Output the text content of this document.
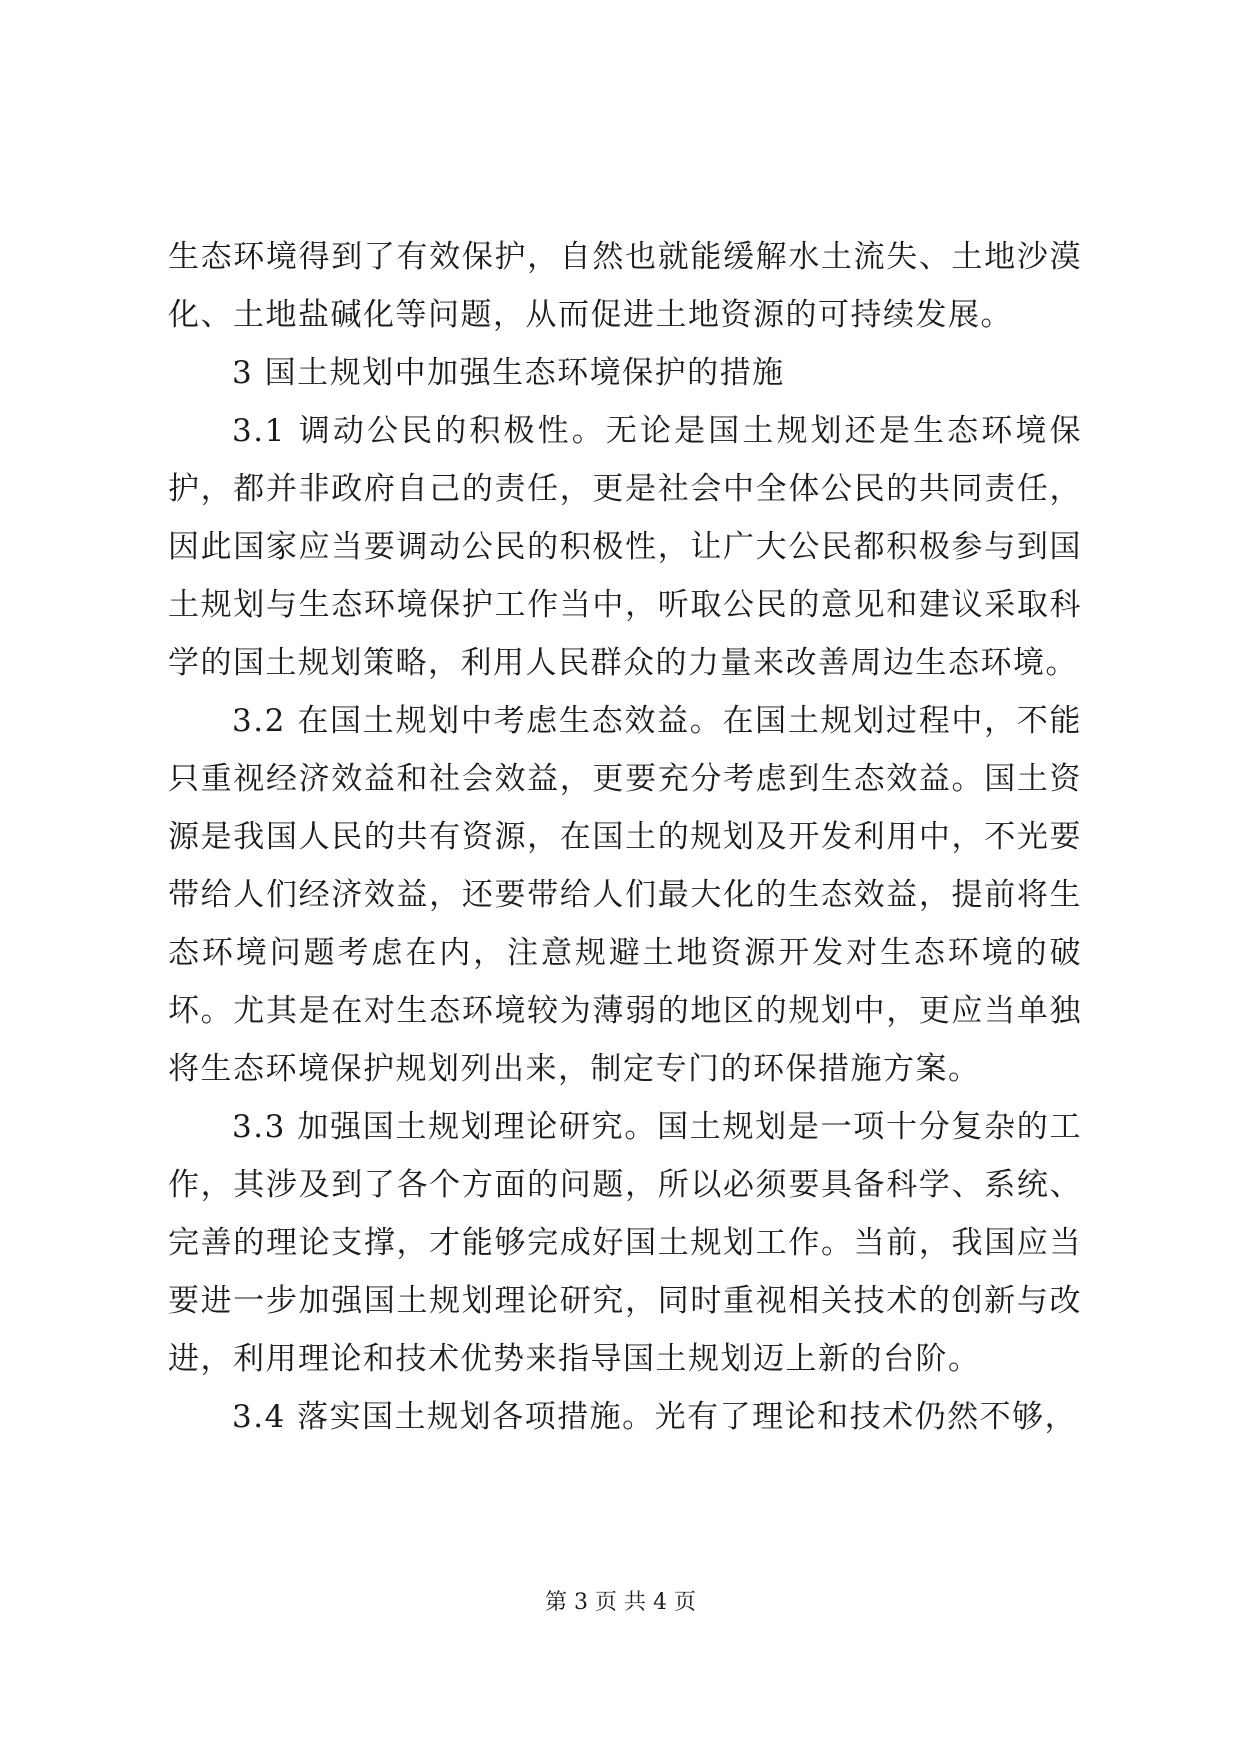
生态环境得到了有效保护，自然也就能缓解水土流失、土地沙漠化、土地盐碱化等问题，从而促进土地资源的可持续发展。

3 国土规划中加强生态环境保护的措施

3.1 调动公民的积极性。无论是国土规划还是生态环境保护，都并非政府自己的责任，更是社会中全体公民的共同责任，因此国家应当要调动公民的积极性，让广大公民都积极参与到国土规划与生态环境保护工作当中，听取公民的意见和建议采取科学的国土规划策略，利用人民群众的力量来改善周边生态环境。

3.2 在国土规划中考虑生态效益。在国土规划过程中，不能只重视经济效益和社会效益，更要充分考虑到生态效益。国土资源是我国人民的共有资源，在国土的规划及开发利用中，不光要带给人们经济效益，还要带给人们最大化的生态效益，提前将生态环境问题考虑在内，注意规避土地资源开发对生态环境的破坏。尤其是在对生态环境较为薄弱的地区的规划中，更应当单独将生态环境保护规划列出来，制定专门的环保措施方案。

3.3 加强国土规划理论研究。国土规划是一项十分复杂的工作，其涉及到了各个方面的问题，所以必须要具备科学、系统、完善的理论支撑，才能够完成好国土规划工作。当前，我国应当要进一步加强国土规划理论研究，同时重视相关技术的创新与改进，利用理论和技术优势来指导国土规划迈上新的台阶。

3.4 落实国土规划各项措施。光有了理论和技术仍然不够，

第 3 页 共 4 页
